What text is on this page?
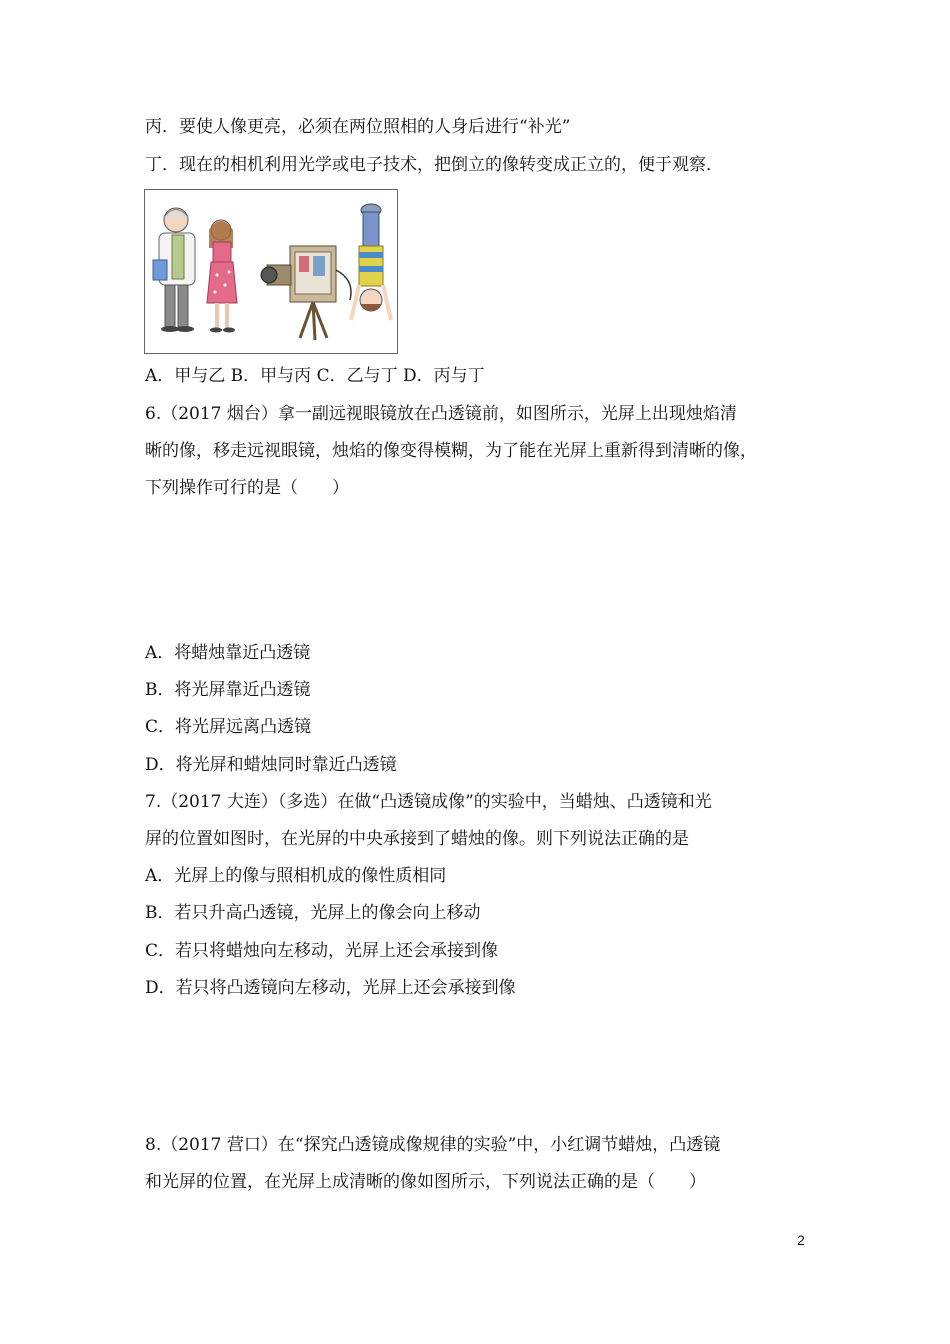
丙．要使人像更亮，必须在两位照相的人身后进行“补光”
丁．现在的相机利用光学或电子技术，把倒立的像转变成正立的，便于观察．
A．甲与乙 B．甲与丙 C．乙与丁 D．丙与丁
6.（2017 烟台）拿一副远视眼镜放在凸透镜前，如图所示，光屏上出现烛焰清
晰的像，移走远视眼镜，烛焰的像变得模糊，为了能在光屏上重新得到清晰的像，
下列操作可行的是（　　）
A．将蜡烛靠近凸透镜
B．将光屏靠近凸透镜
C．将光屏远离凸透镜
D．将光屏和蜡烛同时靠近凸透镜
7.（2017 大连）（多选）在做“凸透镜成像”的实验中，当蜡烛、凸透镜和光
屏的位置如图时，在光屏的中央承接到了蜡烛的像。则下列说法正确的是
A．光屏上的像与照相机成的像性质相同
B．若只升高凸透镜，光屏上的像会向上移动
C．若只将蜡烛向左移动，光屏上还会承接到像
D．若只将凸透镜向左移动，光屏上还会承接到像
8.（2017 营口）在“探究凸透镜成像规律的实验”中，小红调节蜡烛，凸透镜
和光屏的位置，在光屏上成清晰的像如图所示，下列说法正确的是（　　）
2
